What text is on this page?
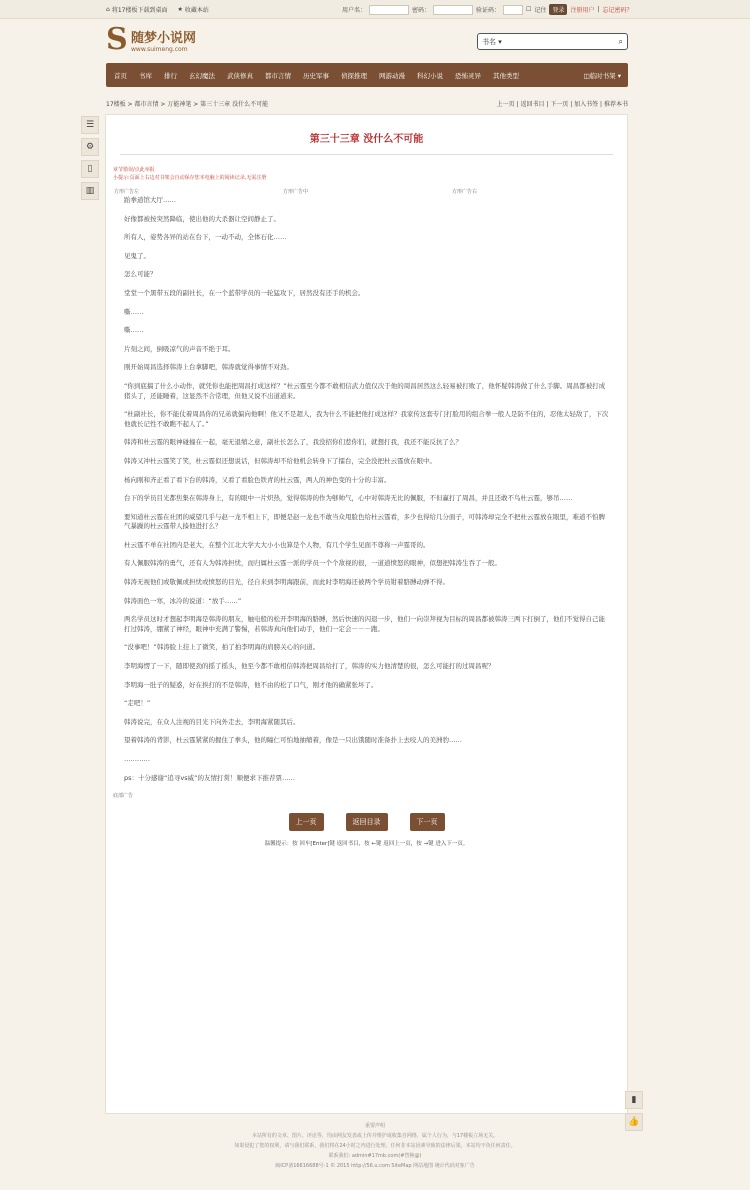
⌂ 将17楼板下载到桌面 ★ 收藏本站	用户名：	密码：	验证码：	☐ 记住	登录	注册用户 | 忘记密码？
S 随梦小说网
www.suimeng.com
书名 ▾	⌕
首页	书库	排行	玄幻魔法	武侠修真	都市言情	历史军事	侦探推理	网游动漫	科幻小说	恐怖灵异	其他类型	◫临时书架 ▾
17楼板 > 都市言情 > 万能神笔 > 第三十三章 没什么不可能	上一页 | 返回书目 | 下一页 | 加入书签 | 推荐本书
☰
⚙
▯
▥
第三十三章 没什么不可能
章节错误/点此举报
小提示:页面上右边对书架会自动保存您本电脑上的阅读记录,无需注册
方形广告左	方形广告中	方形广告右

跆拳道馆大厅……

好像都被按突然降临，使出他的大杀器让空间静止了。

所有人，姿势各异的站在台下，一动不动，全体石化……

见鬼了。

怎么可能？

堂堂一个黑带五段的副社长，在一个蓝带学员的一轮猛攻下，居然没有还手的机会。

嘶……

嘶……

片刻之间，倒吸凉气的声音不绝于耳。

刚开始周昌选择韩涛上台拿脚吧，韩涛就觉得事情不对劲。

“你到底搞了什么小动作，就凭你也能把周昌打成这样？”杜云霆至今都不敢相信武力值仅次于他的周昌居然这么轻易被打败了，他怀疑韩涛做了什么手脚。周昌都被打成猪头了，还能睡着，这显然不合常理，但他又说不出道道来。

“杜副社长，你不能仗着周昌你的兄弟就偏向他啊！他又不是超人，我为什么不能把他打成这样？我家传这套专门打脸用的组合拳一般人是防不住的，忍他太轻敌了，下次他就长记性不敢瞧不起人了。”

韩涛和杜云霆的眼神碰撞在一起，毫无退缩之意，副社长怎么了，我没招你们惹你们，就想打我，我还不能反抗了么？

韩涛又冲杜云霆笑了笑，杜云霆似还想说话，但韩涛却不给他机会转身下了擂台，完全没把杜云霆放在眼中。

杨向刚和齐正看了看下台的韩涛，又看了看脸色铁青的杜云霆，两人的神色变的十分的丰富。

台下的学员目光都焦集在韩涛身上，有的眼中一片炽热，觉得韩涛的作为够帅气，心中对韩涛无比的佩服，不但赢打了周昌，并且还敢不鸟杜云霆，够吊……

要知道杜云霆在社团的威望几乎与赵一龙不相上下，即便是赵一龙也不敢当众甩脸色给杜云霆看，多少也得给几分面子，可韩涛却完全不把杜云霆放在眼里，难道不怕脾气暴躁的杜云霆带人揍他进打么？

杜云霆不单在社团内是老大，在整个江北大学大大小小也算是个人物，有几个学生见面不尊称一声霆哥的。

有人佩服韩涛的勇气，还有人为韩涛担忧，而归属杜云霆一派的学员一个个敌视的很，一道道愤怒的眼神，似想把韩涛生吞了一般。

韩涛无视他们或敬佩或担忧或愤怒的目光，径自来到李明海跟前，而此时李明海还被两个学员钳着胳膊动弹不得。

韩涛面色一寒，冰冷的说道：“放手……”

两名学员这时才想起李明海是韩涛的朋友，触电般的松开李明海的胳膊，然后快速的闪退一步，他们一向崇拜视为目标的周昌都被韩涛三两下打倒了，他们不觉得自己能打过韩涛，绷紧了神经，眼神中充满了警惕，若韩涛真向他们动手，他们一定会－－－跑。

“没事吧！”韩涛脸上挂上了微笑，拍了拍李明海的肩膀关心的问道。

李明海愣了一下，随即使劲的摇了摇头，他至今都不敢相信韩涛把周昌给打了，韩涛的实力他清楚的很，怎么可能打的过周昌呢？

李明海一肚子的疑惑，好在挨打的不是韩涛，他不由的松了口气，刚才他的确紧张坏了。

“走吧！”

韩涛说完，在众人注视的目光下向外走去，李明海紧随其后。

望着韩涛的背影，杜云霆紧紧的握住了拳头，他的瞳仁可怕地抽缩着，像是一只出饿随时准备扑上去咬人的美洲豹……

…………

ps：十分感谢“追寻vs威”的友情打赏！顺便求下推荐票……

底部广告
上一页	返回目录	下一页
温馨提示：按 回车[Enter]键 返回书目，按 ←键 返回上一页，按 →键 进入下一页。
▮
👍
重要声明
本站所有的文章、图片、评论等，均由网友发表或上传并维护或收集自网络，属个人行为，与17楼板立场无关。
如果侵犯了您的权利，请与我们联系，我们将在24小时之内进行处理。任何非本站因素导致的法律后果，本站均不负任何责任。
联系我们: admin#17mb.com(#替换@)
闽ICP备16616688号-1 © 2015 http://56.u.com SiteMap 网站地图 统计代码对象广告
